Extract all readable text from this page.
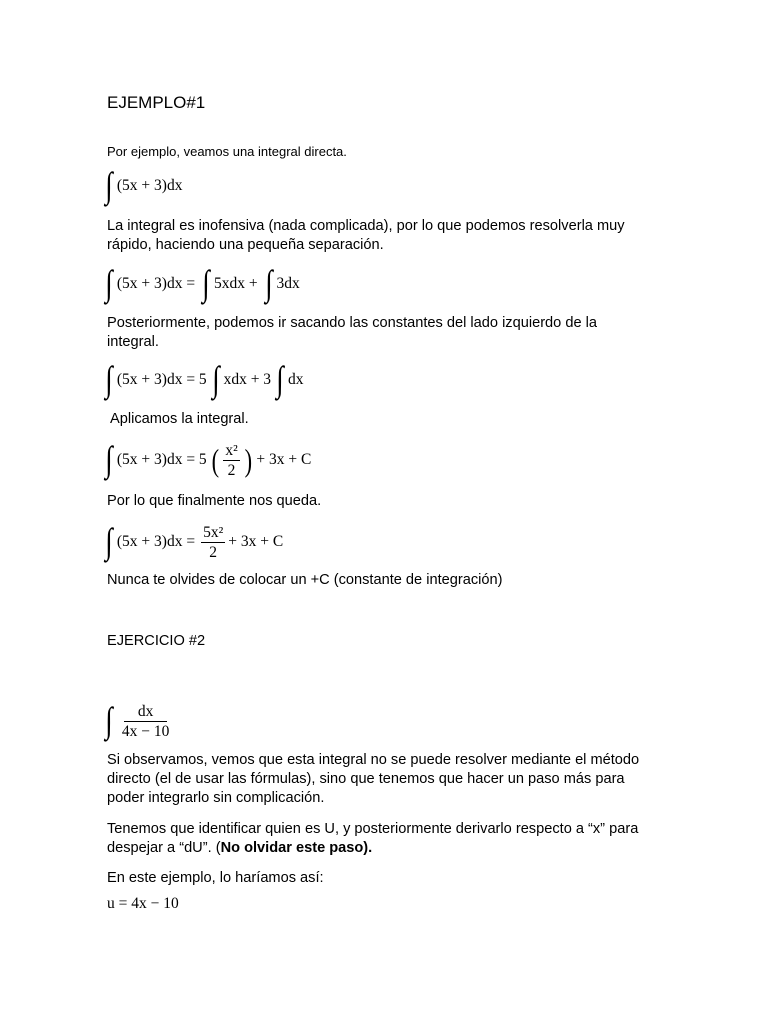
EJEMPLO#1
Por ejemplo, veamos una integral directa.
∫ (5x + 3)dx
La integral es inofensiva (nada complicada), por lo que podemos resolverla muy
rápido, haciendo una pequeña separación.
∫ (5x + 3)dx = ∫ 5xdx + ∫ 3dx
Posteriormente, podemos ir sacando las constantes del lado izquierdo de la
integral.
∫ (5x + 3)dx = 5 ∫ xdx + 3 ∫ dx
Aplicamos la integral.
∫ (5x + 3)dx = 5 ( $\frac{\text{x²}}{2}$ ) + 3x + C
Por lo que finalmente nos queda.
∫ $(5x + 3)dx = \frac{\text{5x²}}{2} + 3x + C$
Nunca te olvides de colocar un +C (constante de integración)
EJERCICIO #2
∫ $\frac{dx}{4x - 10}$
Si observamos, vemos que esta integral no se puede resolver mediante el método
directo (el de usar las fórmulas), sino que tenemos que hacer un paso más para
poder integrarlo sin complicación.
Tenemos que identificar quien es U, y posteriormente derivarlo respecto a “x” para
despejar a “dU”. (No olvidar este paso).
En este ejemplo, lo haríamos así:
u = 4x − 10
